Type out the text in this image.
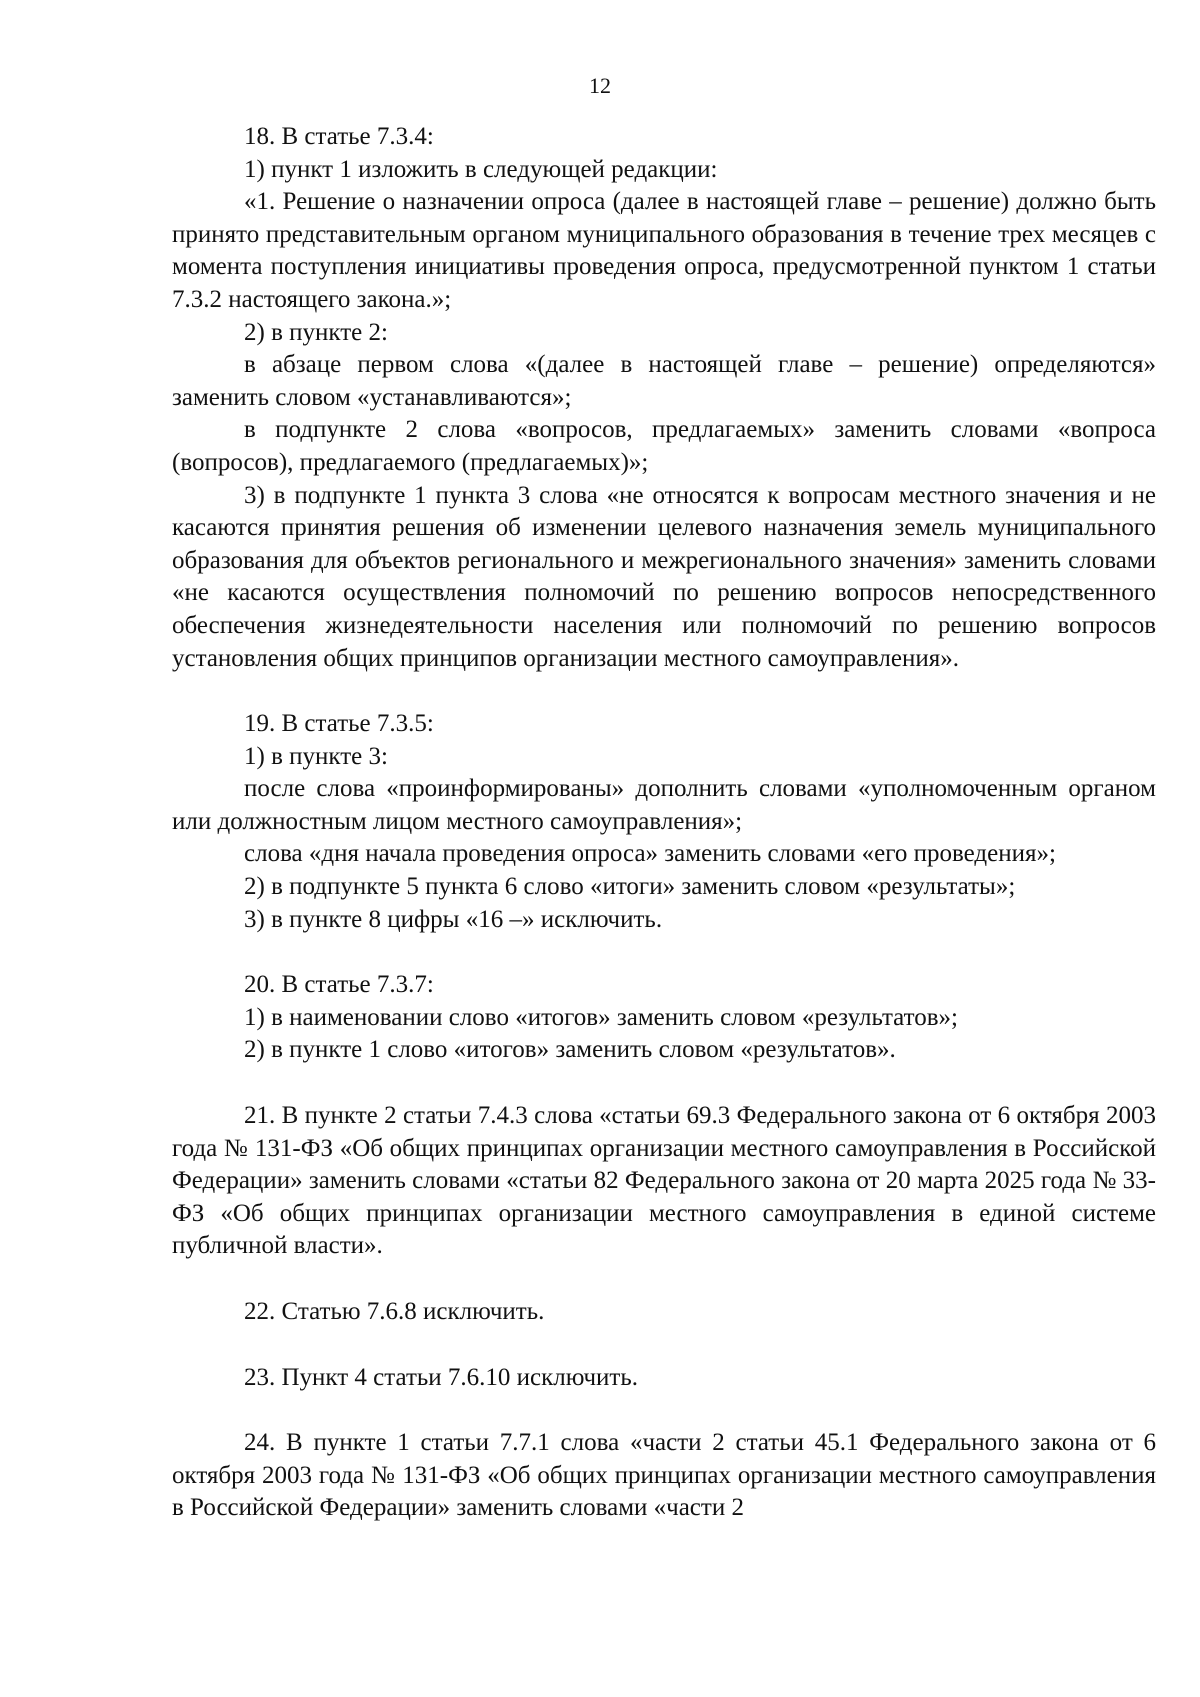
12

18. В статье 7.3.4:

1) пункт 1 изложить в следующей редакции:

«1. Решение о назначении опроса (далее в настоящей главе – решение) должно быть принято представительным органом муниципального образования в течение трех месяцев с момента поступления инициативы проведения опроса, предусмотренной пунктом 1 статьи 7.3.2 настоящего закона.»;

2) в пункте 2:

в абзаце первом слова «(далее в настоящей главе – решение) определяются» заменить словом «устанавливаются»;

в подпункте 2 слова «вопросов, предлагаемых» заменить словами «вопроса (вопросов), предлагаемого (предлагаемых)»;

3) в подпункте 1 пункта 3 слова «не относятся к вопросам местного значения и не касаются принятия решения об изменении целевого назначения земель муниципального образования для объектов регионального и межрегионального значения» заменить словами «не касаются осуществления полномочий по решению вопросов непосредственного обеспечения жизнедеятельности населения или полномочий по решению вопросов установления общих принципов организации местного самоуправления».

19. В статье 7.3.5:

1) в пункте 3:

после слова «проинформированы» дополнить словами «уполномоченным органом или должностным лицом местного самоуправления»;

слова «дня начала проведения опроса» заменить словами «его проведения»;

2) в подпункте 5 пункта 6 слово «итоги» заменить словом «результаты»;

3) в пункте 8 цифры «16 –» исключить.

20. В статье 7.3.7:

1) в наименовании слово «итогов» заменить словом «результатов»;

2) в пункте 1 слово «итогов» заменить словом «результатов».

21. В пункте 2 статьи 7.4.3 слова «статьи 69.3 Федерального закона от 6 октября 2003 года № 131-ФЗ «Об общих принципах организации местного самоуправления в Российской Федерации» заменить словами «статьи 82 Федерального закона от 20 марта 2025 года № 33-ФЗ «Об общих принципах организации местного самоуправления в единой системе публичной власти».

22. Статью 7.6.8 исключить.

23. Пункт 4 статьи 7.6.10 исключить.

24. В пункте 1 статьи 7.7.1 слова «части 2 статьи 45.1 Федерального закона от 6 октября 2003 года № 131-ФЗ «Об общих принципах организации местного самоуправления в Российской Федерации» заменить словами «части 2
